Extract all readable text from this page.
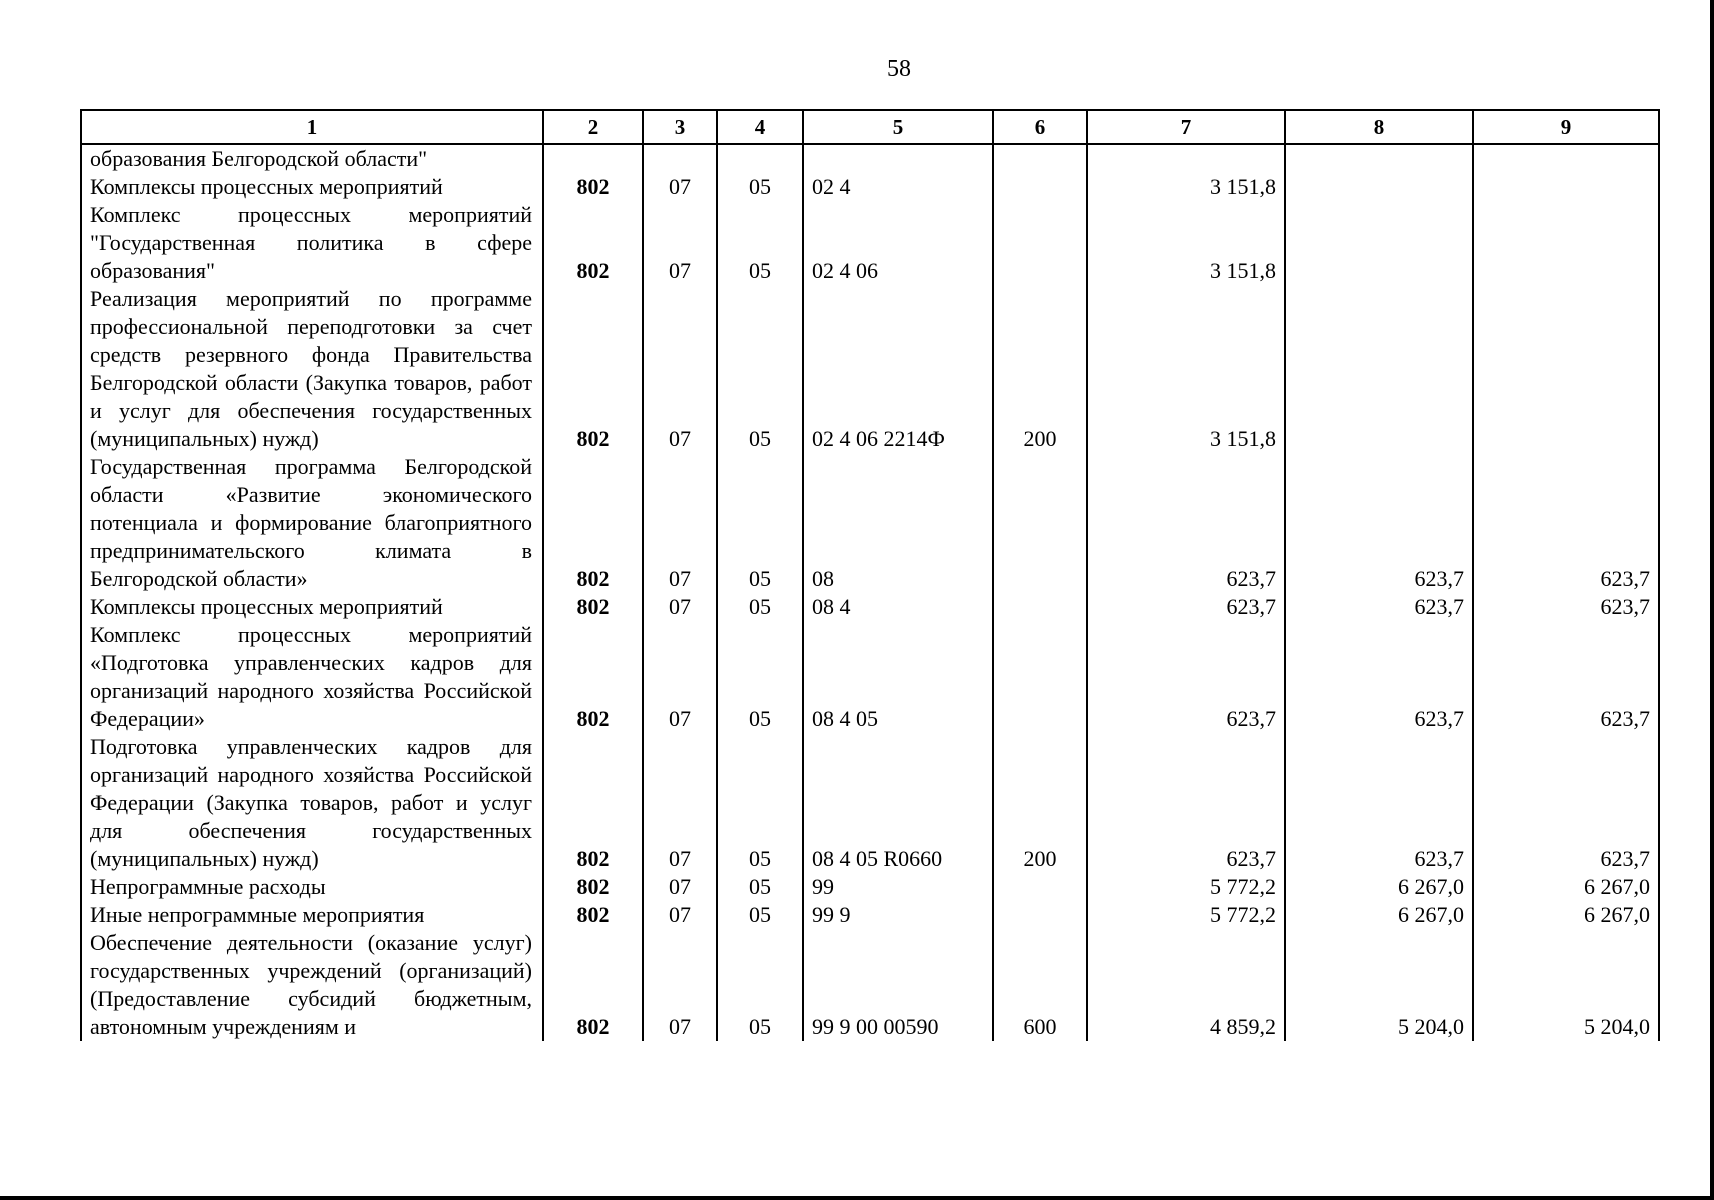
58
1	2	3	4	5	6	7	8	9
образования Белгородской области"								
Комплексы процессных мероприятий	802	07	05	02 4		3 151,8		
Комплекс процессных мероприятий "Государственная политика в сфере образования"	802	07	05	02 4 06		3 151,8		
Реализация мероприятий по программе профессиональной переподготовки за счет средств резервного фонда Правительства Белгородской области (Закупка товаров, работ и услуг для обеспечения государственных (муниципальных) нужд)	802	07	05	02 4 06 2214Ф	200	3 151,8		
Государственная программа Белгородской области «Развитие экономического потенциала и формирование благоприятного предпринимательского климата в Белгородской области»	802	07	05	08		623,7	623,7	623,7
Комплексы процессных мероприятий	802	07	05	08 4		623,7	623,7	623,7
Комплекс процессных мероприятий «Подготовка управленческих кадров для организаций народного хозяйства Российской Федерации»	802	07	05	08 4 05		623,7	623,7	623,7
Подготовка управленческих кадров для организаций народного хозяйства Российской Федерации (Закупка товаров, работ и услуг для обеспечения государственных (муниципальных) нужд)	802	07	05	08 4 05 R0660	200	623,7	623,7	623,7
Непрограммные расходы	802	07	05	99		5 772,2	6 267,0	6 267,0
Иные непрограммные мероприятия	802	07	05	99 9		5 772,2	6 267,0	6 267,0
Обеспечение деятельности (оказание услуг) государственных учреждений (организаций) (Предоставление субсидий бюджетным, автономным учреждениям и	802	07	05	99 9 00 00590	600	4 859,2	5 204,0	5 204,0
